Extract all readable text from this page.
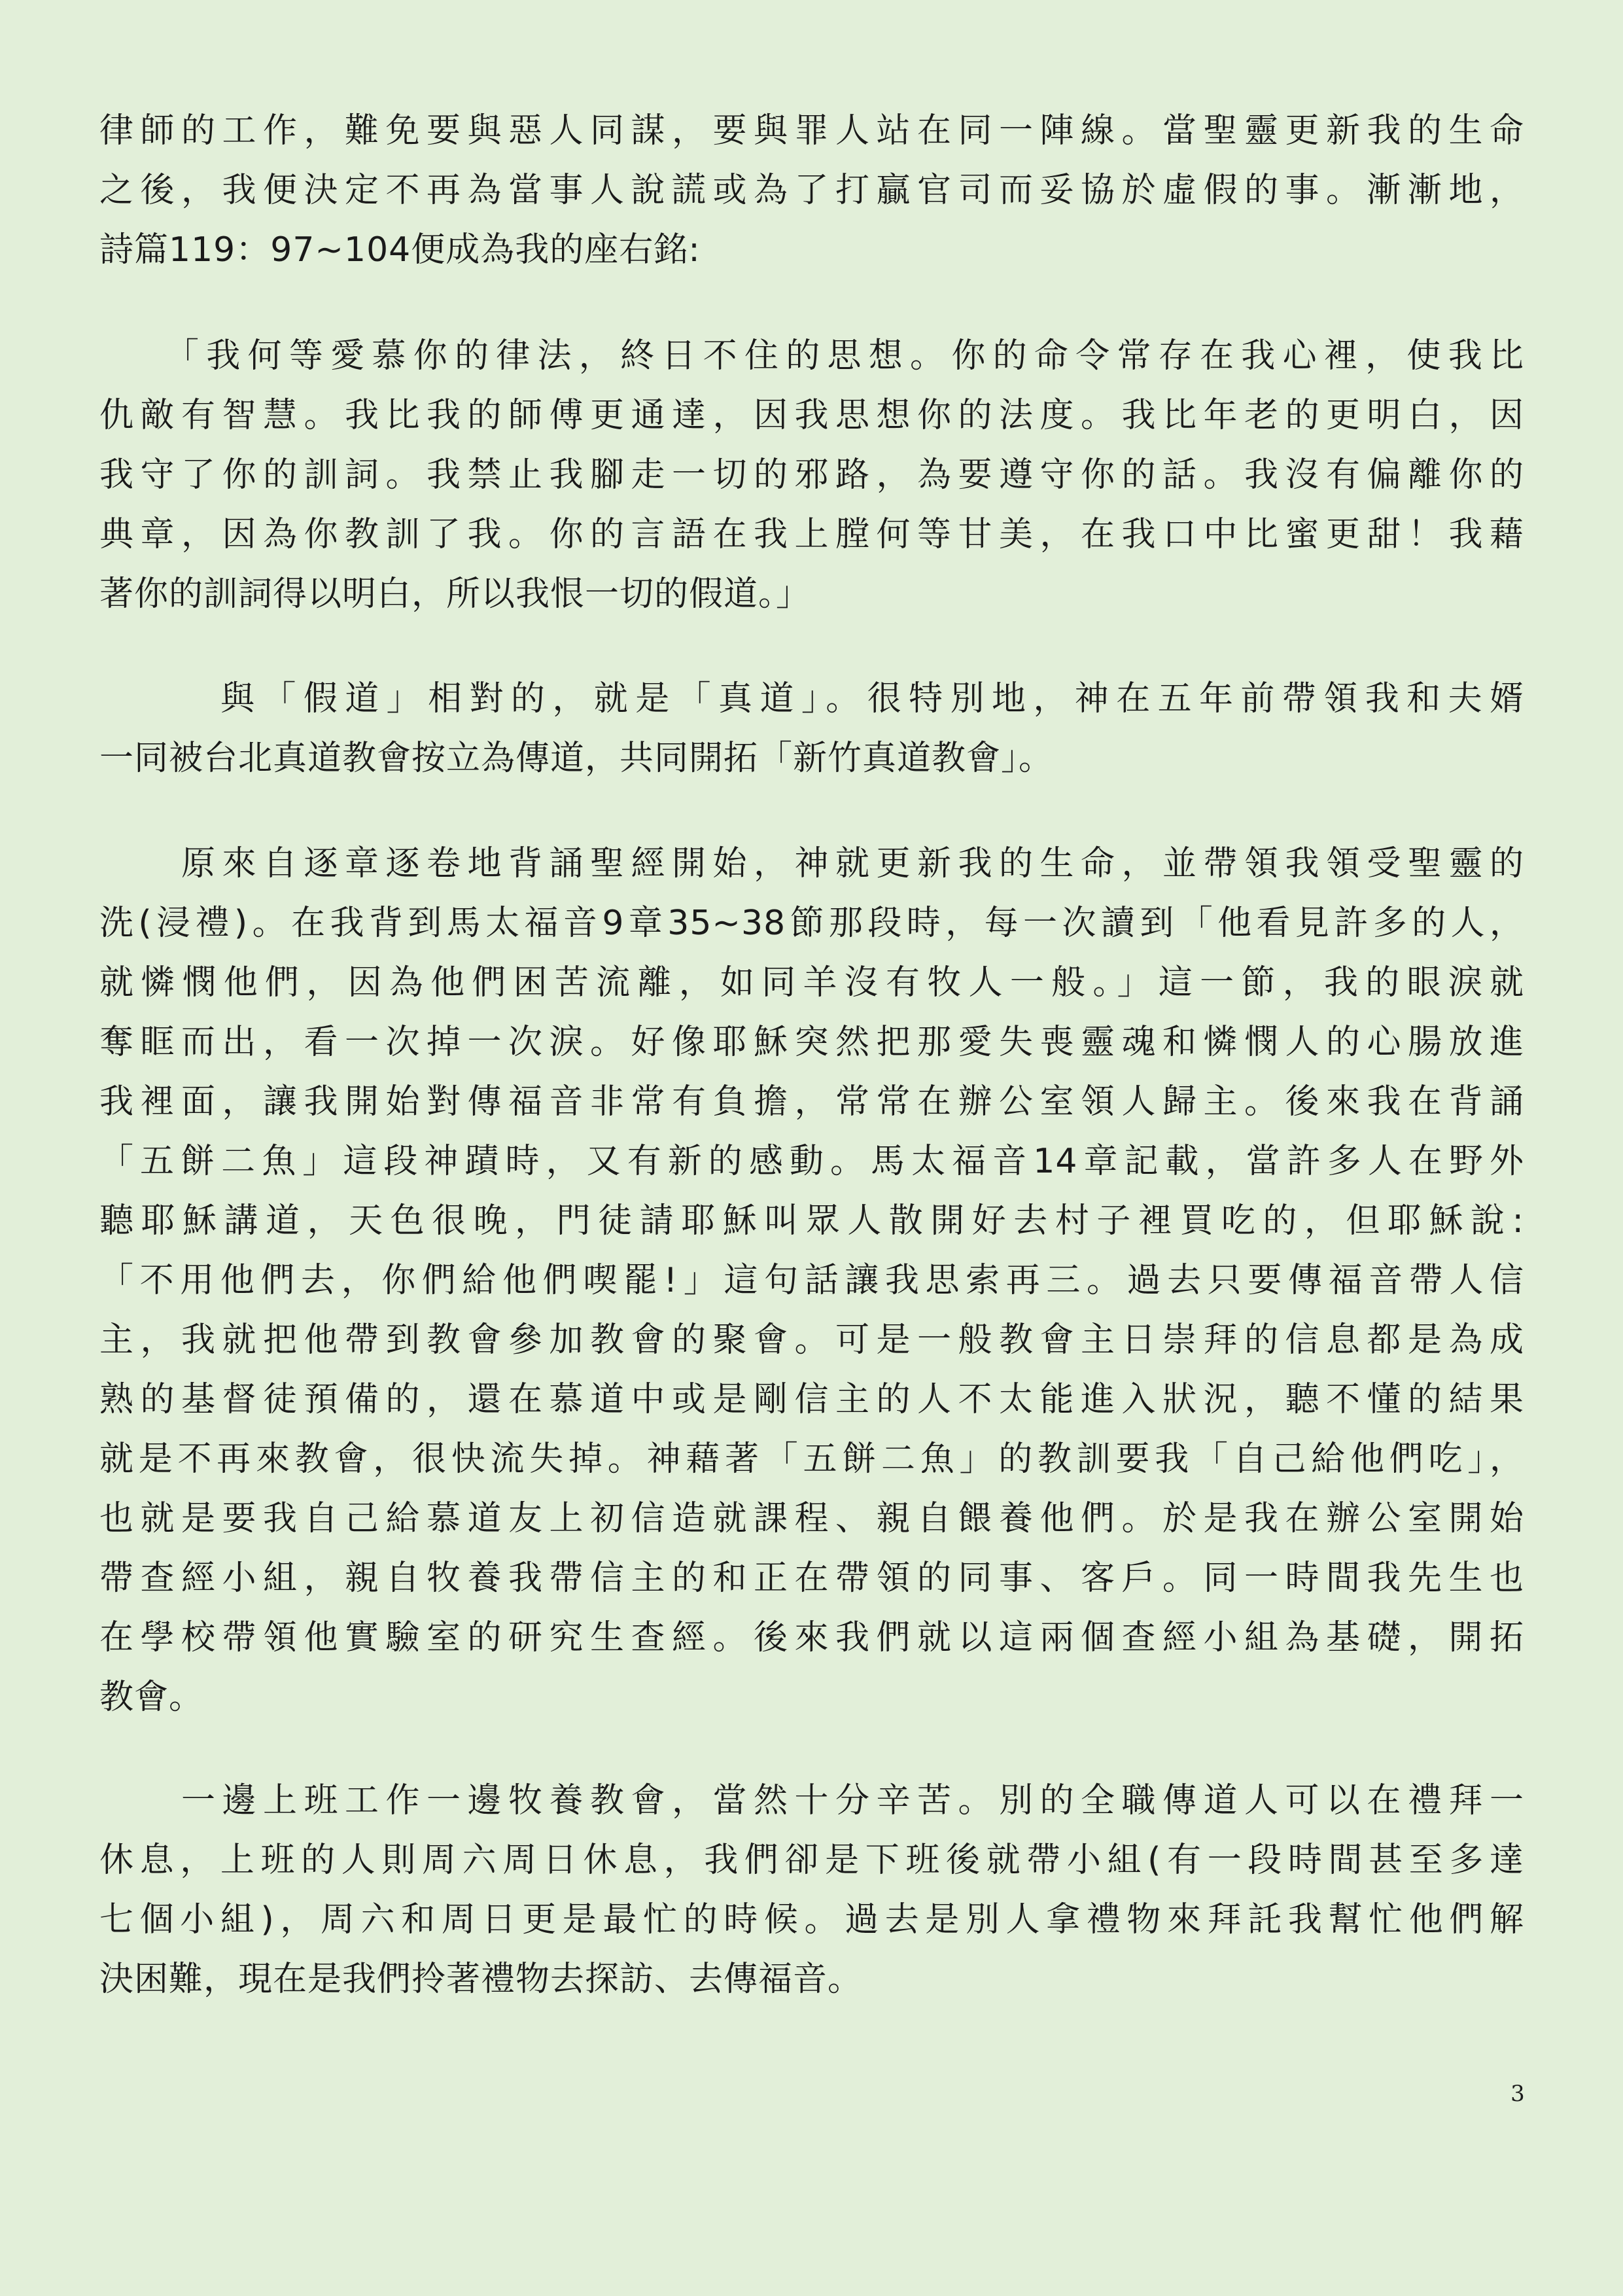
律師的工作，難免要與惡人同謀，要與罪人站在同一陣線。當聖靈更新我的生命
之後，我便決定不再為當事人說謊或為了打贏官司而妥協於虛假的事。漸漸地，
詩篇119：97~104便成為我的座右銘:
「我何等愛慕你的律法，終日不住的思想。你的命令常存在我心裡，使我比
仇敵有智慧。我比我的師傅更通達，因我思想你的法度。我比年老的更明白，因
我守了你的訓詞。我禁止我腳走一切的邪路，為要遵守你的話。我沒有偏離你的
典章，因為你教訓了我。你的言語在我上膛何等甘美，在我口中比蜜更甜！我藉
著你的訓詞得以明白，所以我恨一切的假道。」
與「假道」相對的，就是「真道」。很特別地，神在五年前帶領我和夫婿
一同被台北真道教會按立為傳道，共同開拓「新竹真道教會」。
原來自逐章逐卷地背誦聖經開始，神就更新我的生命，並帶領我領受聖靈的
洗(浸禮)。在我背到馬太福音9章35~38節那段時，每一次讀到「他看見許多的人，
就憐憫他們，因為他們困苦流離，如同羊沒有牧人一般。」這一節，我的眼淚就
奪眶而出，看一次掉一次淚。好像耶穌突然把那愛失喪靈魂和憐憫人的心腸放進
我裡面，讓我開始對傳福音非常有負擔，常常在辦公室領人歸主。後來我在背誦
「五餅二魚」這段神蹟時，又有新的感動。馬太福音14章記載，當許多人在野外
聽耶穌講道，天色很晚，門徒請耶穌叫眾人散開好去村子裡買吃的，但耶穌說:
「不用他們去，你們給他們喫罷!」這句話讓我思索再三。過去只要傳福音帶人信
主，我就把他帶到教會參加教會的聚會。可是一般教會主日崇拜的信息都是為成
熟的基督徒預備的，還在慕道中或是剛信主的人不太能進入狀況，聽不懂的結果
就是不再來教會，很快流失掉。神藉著「五餅二魚」的教訓要我「自己給他們吃」，
也就是要我自己給慕道友上初信造就課程、親自餵養他們。於是我在辦公室開始
帶查經小組，親自牧養我帶信主的和正在帶領的同事、客戶。同一時間我先生也
在學校帶領他實驗室的研究生查經。後來我們就以這兩個查經小組為基礎，開拓
教會。
一邊上班工作一邊牧養教會，當然十分辛苦。別的全職傳道人可以在禮拜一
休息，上班的人則周六周日休息，我們卻是下班後就帶小組(有一段時間甚至多達
七個小組)，周六和周日更是最忙的時候。過去是別人拿禮物來拜託我幫忙他們解
決困難，現在是我們拎著禮物去探訪、去傳福音。
3
